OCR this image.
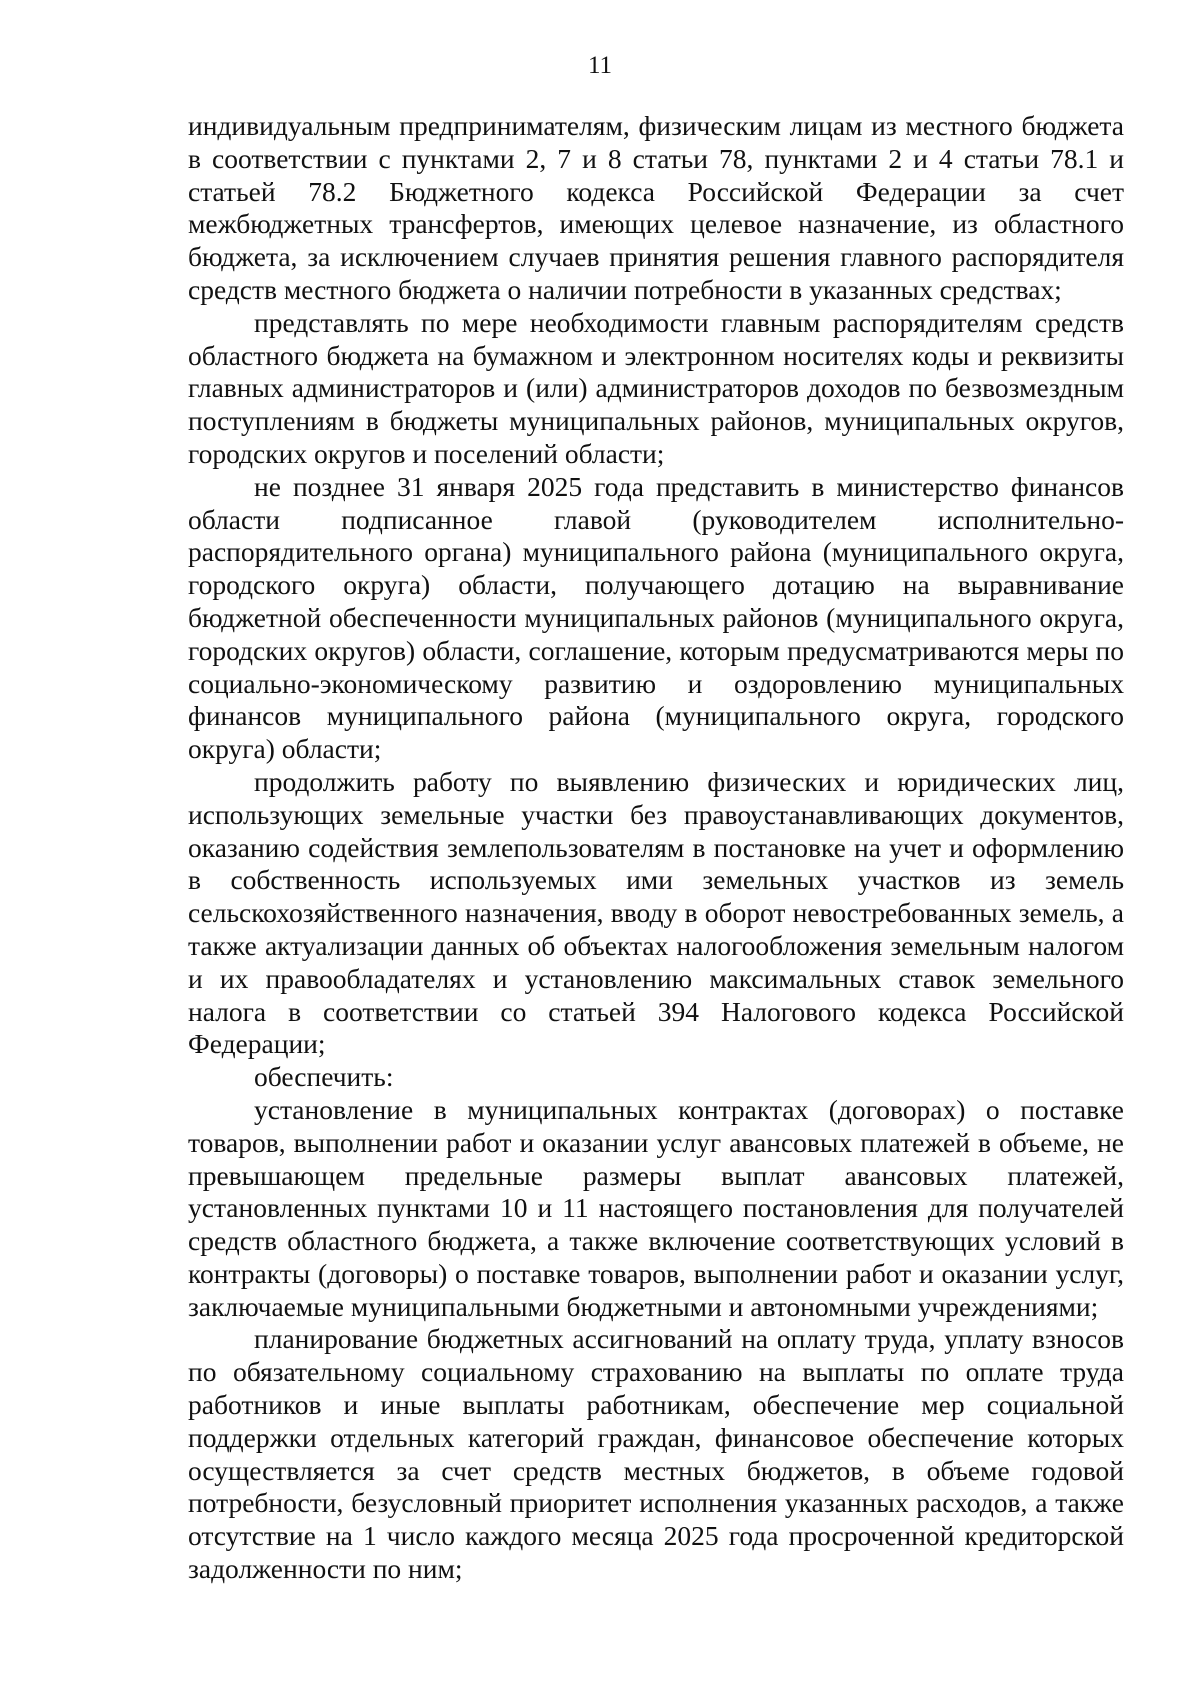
11

индивидуальным предпринимателям, физическим лицам из местного бюджета в соответствии с пунктами 2, 7 и 8 статьи 78, пунктами 2 и 4 статьи 78.1 и статьей 78.2 Бюджетного кодекса Российской Федерации за счет межбюджетных трансфертов, имеющих целевое назначение, из областного бюджета, за исключением случаев принятия решения главного распорядителя средств местного бюджета о наличии потребности в указанных средствах;

представлять по мере необходимости главным распорядителям средств областного бюджета на бумажном и электронном носителях коды и реквизиты главных администраторов и (или) администраторов доходов по безвозмездным поступлениям в бюджеты муниципальных районов, муниципальных округов, городских округов и поселений области;

не позднее 31 января 2025 года представить в министерство финансов области подписанное главой (руководителем исполнительно-распорядительного органа) муниципального района (муниципального округа, городского округа) области, получающего дотацию на выравнивание бюджетной обеспеченности муниципальных районов (муниципального округа, городских округов) области, соглашение, которым предусматриваются меры по социально-экономическому развитию и оздоровлению муниципальных финансов муниципального района (муниципального округа, городского округа) области;

продолжить работу по выявлению физических и юридических лиц, использующих земельные участки без правоустанавливающих документов, оказанию содействия землепользователям в постановке на учет и оформлению в собственность используемых ими земельных участков из земель сельскохозяйственного назначения, вводу в оборот невостребованных земель, а также актуализации данных об объектах налогообложения земельным налогом и их правообладателях и установлению максимальных ставок земельного налога в соответствии со статьей 394 Налогового кодекса Российской Федерации;

обеспечить:

установление в муниципальных контрактах (договорах) о поставке товаров, выполнении работ и оказании услуг авансовых платежей в объеме, не превышающем предельные размеры выплат авансовых платежей, установленных пунктами 10 и 11 настоящего постановления для получателей средств областного бюджета, а также включение соответствующих условий в контракты (договоры) о поставке товаров, выполнении работ и оказании услуг, заключаемые муниципальными бюджетными и автономными учреждениями;

планирование бюджетных ассигнований на оплату труда, уплату взносов по обязательному социальному страхованию на выплаты по оплате труда работников и иные выплаты работникам, обеспечение мер социальной поддержки отдельных категорий граждан, финансовое обеспечение которых осуществляется за счет средств местных бюджетов, в объеме годовой потребности, безусловный приоритет исполнения указанных расходов, а также отсутствие на 1 число каждого месяца 2025 года просроченной кредиторской задолженности по ним;
